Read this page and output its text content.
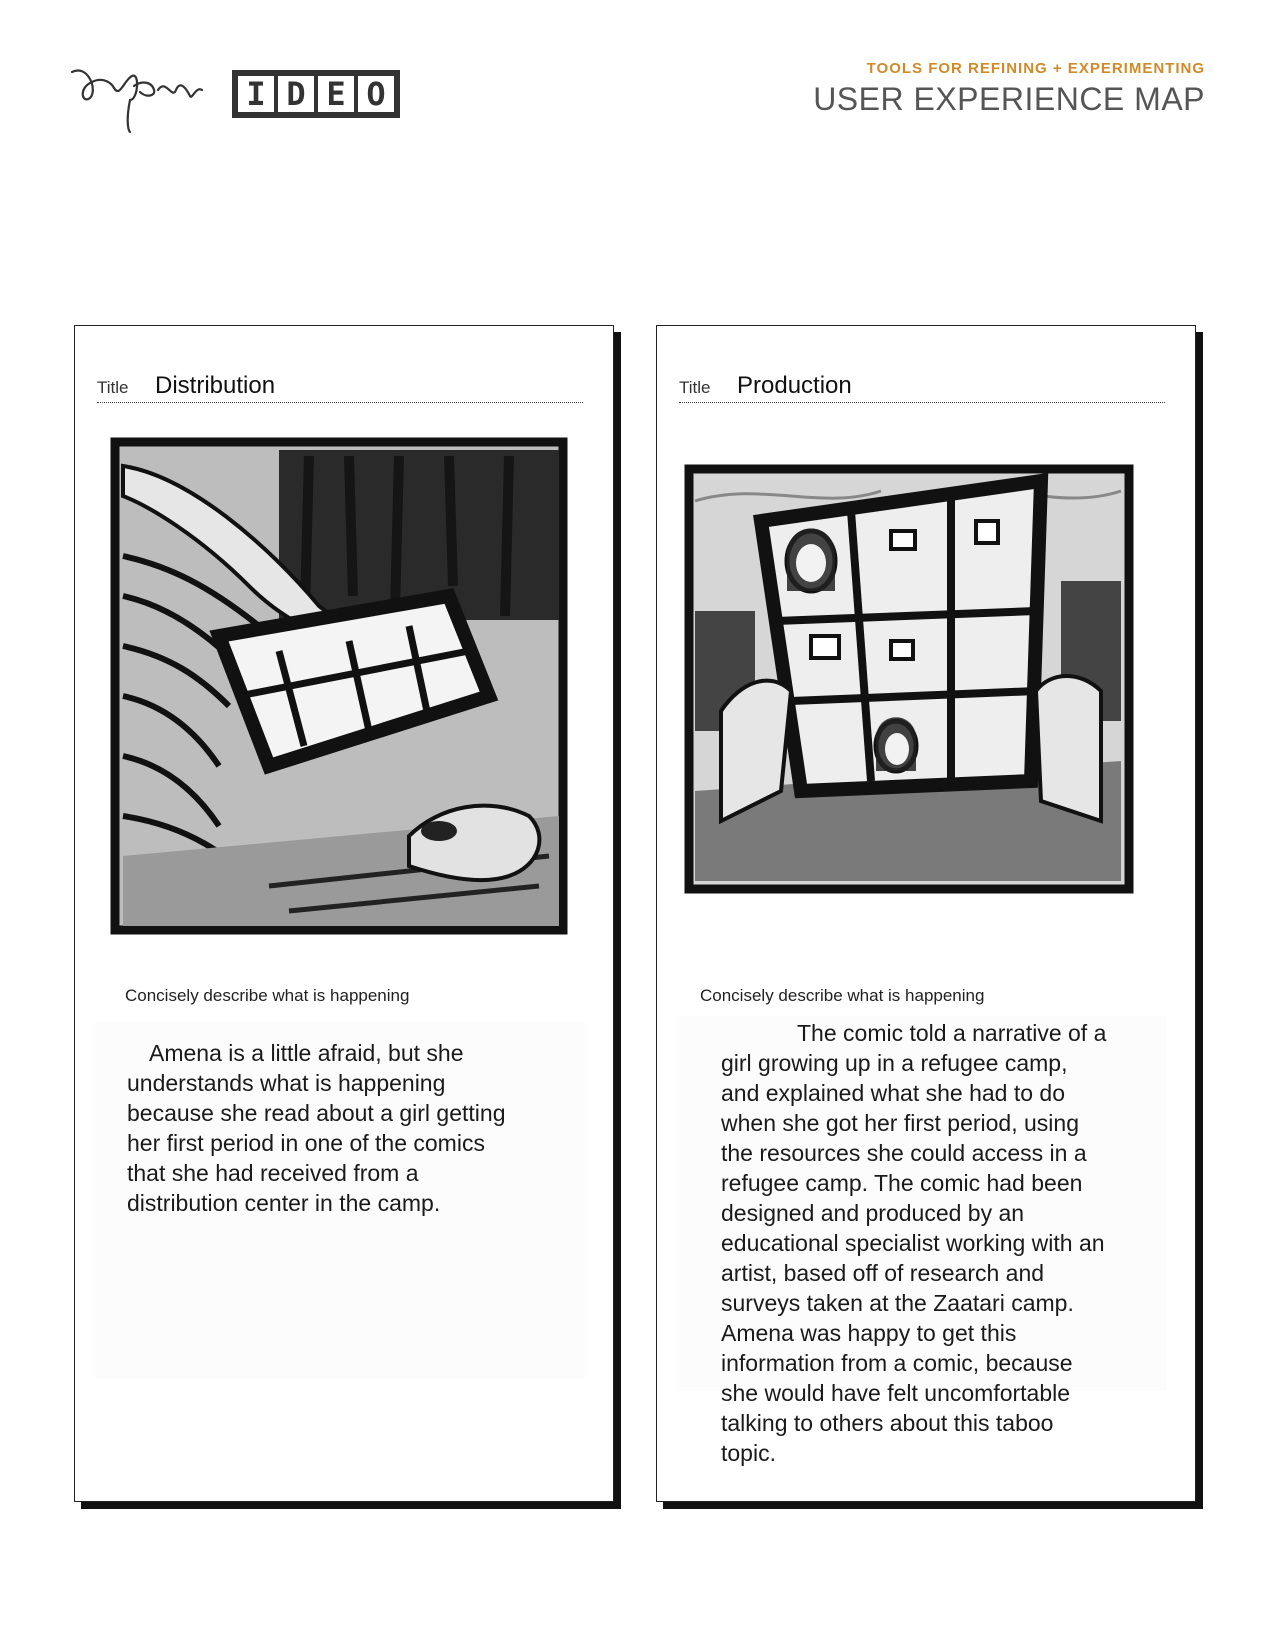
I D E O
TOOLS FOR REFINING + EXPERIMENTING
USER EXPERIENCE MAP
Title Distribution
Concisely describe what is happening
Amena is a little afraid, but she understands what is happening because she read about a girl getting her first period in one of the comics that she had received from a distribution center in the camp.
Title Production
Concisely describe what is happening
The comic told a narrative of a girl growing up in a refugee camp, and explained what she had to do when she got her first period, using the resources she could access in a refugee camp. The comic had been designed and produced by an educational specialist working with an artist, based off of research and surveys taken at the Zaatari camp. Amena was happy to get this information from a comic, because she would have felt uncomfortable talking to others about this taboo topic.
